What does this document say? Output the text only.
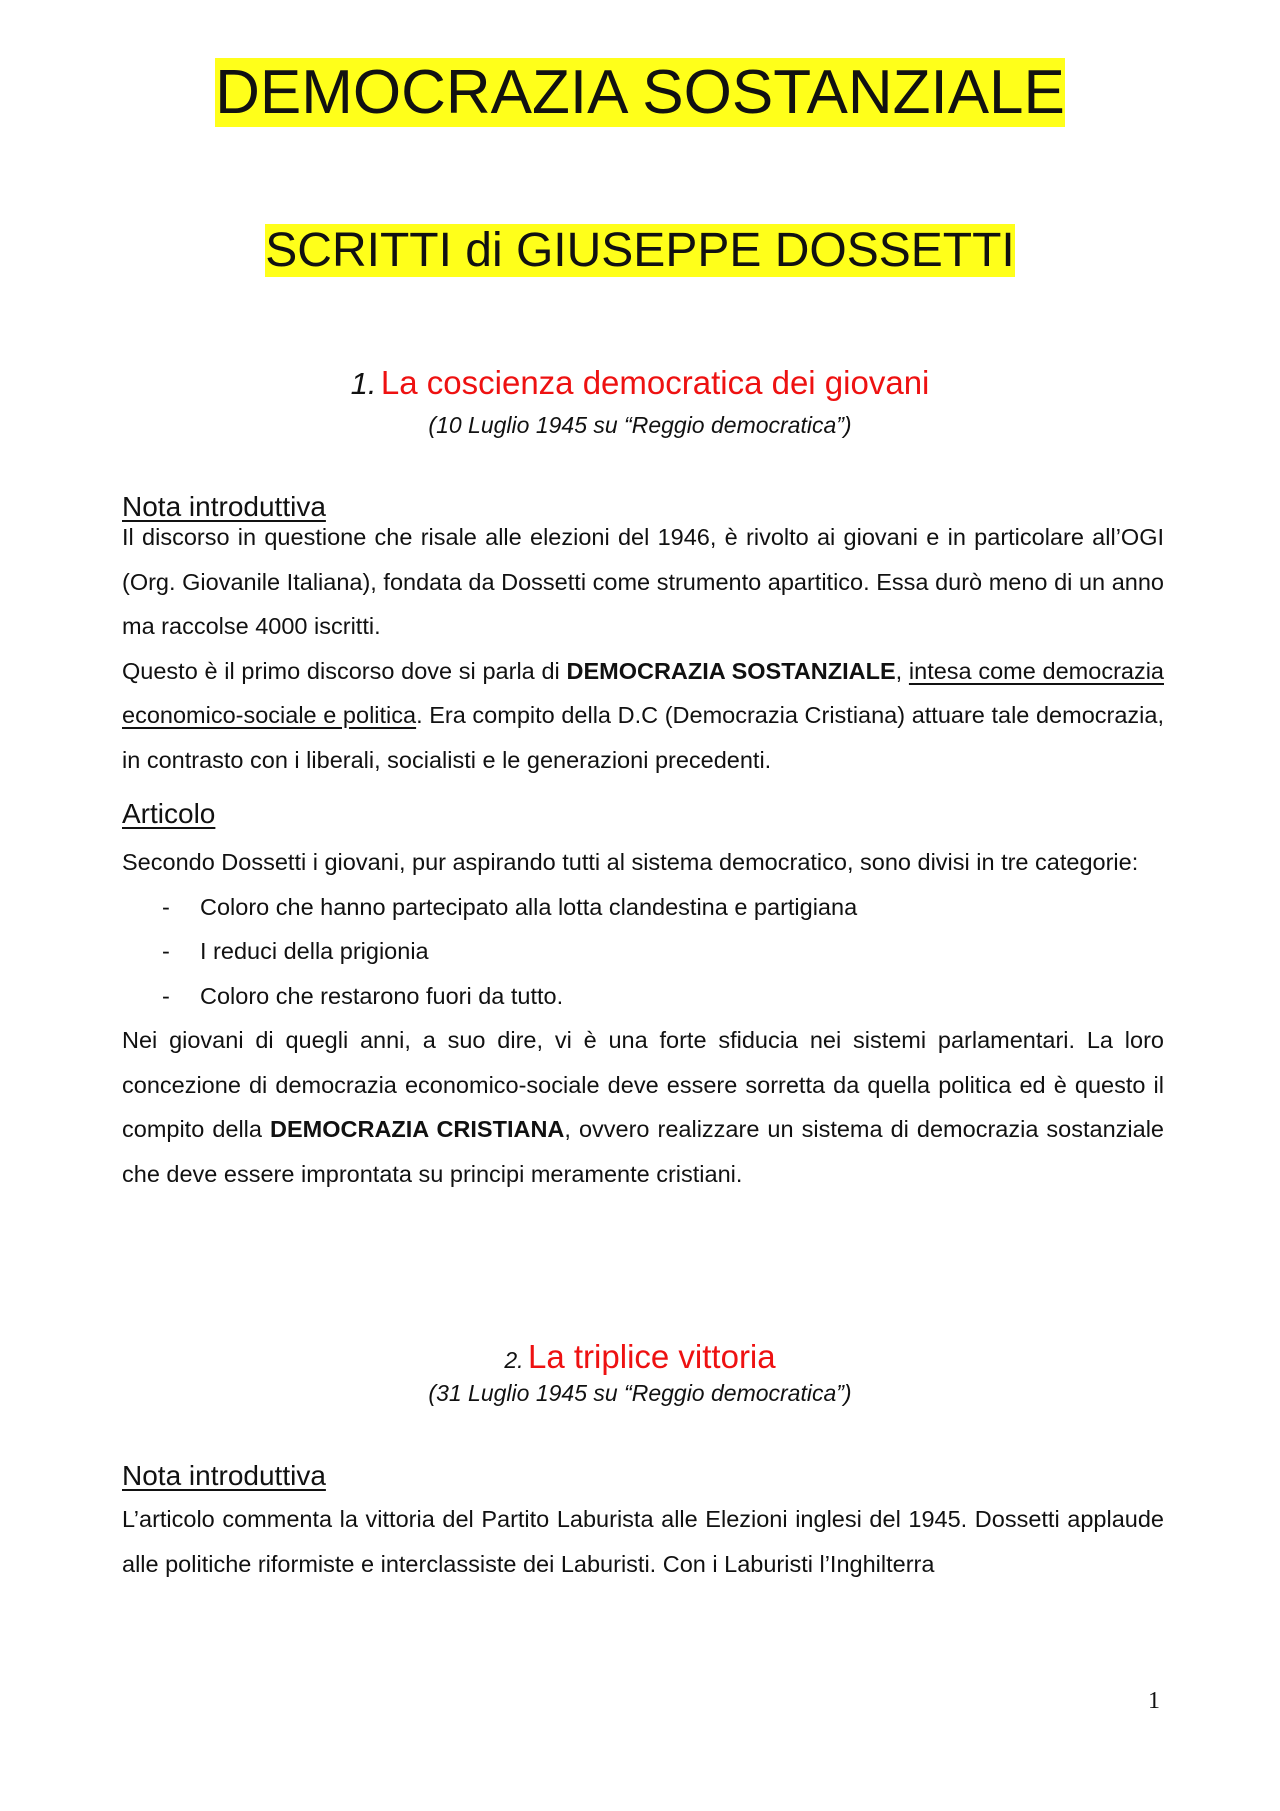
DEMOCRAZIA SOSTANZIALE
SCRITTI di GIUSEPPE DOSSETTI
1. La coscienza democratica dei giovani
(10 Luglio 1945 su “Reggio democratica”)
Nota introduttiva

Il discorso in questione che risale alle elezioni del 1946, è rivolto ai giovani e in particolare all’OGI (Org. Giovanile Italiana), fondata da Dossetti come strumento apartitico. Essa durò meno di un anno ma raccolse 4000 iscritti.

Questo è il primo discorso dove si parla di DEMOCRAZIA SOSTANZIALE, intesa come democrazia economico-sociale e politica. Era compito della D.C (Democrazia Cristiana) attuare tale democrazia, in contrasto con i liberali, socialisti e le generazioni precedenti.

Articolo

Secondo Dossetti i giovani, pur aspirando tutti al sistema democratico, sono divisi in tre categorie:

- Coloro che hanno partecipato alla lotta clandestina e partigiana
- I reduci della prigionia
- Coloro che restarono fuori da tutto.

Nei giovani di quegli anni, a suo dire, vi è una forte sfiducia nei sistemi parlamentari. La loro concezione di democrazia economico-sociale deve essere sorretta da quella politica ed è questo il compito della DEMOCRAZIA CRISTIANA, ovvero realizzare un sistema di democrazia sostanziale che deve essere improntata su principi meramente cristiani.

2. La triplice vittoria
(31 Luglio 1945 su “Reggio democratica”)
Nota introduttiva

L’articolo commenta la vittoria del Partito Laburista alle Elezioni inglesi del 1945. Dossetti applaude alle politiche riformiste e interclassiste dei Laburisti. Con i Laburisti l’Inghilterra

1
